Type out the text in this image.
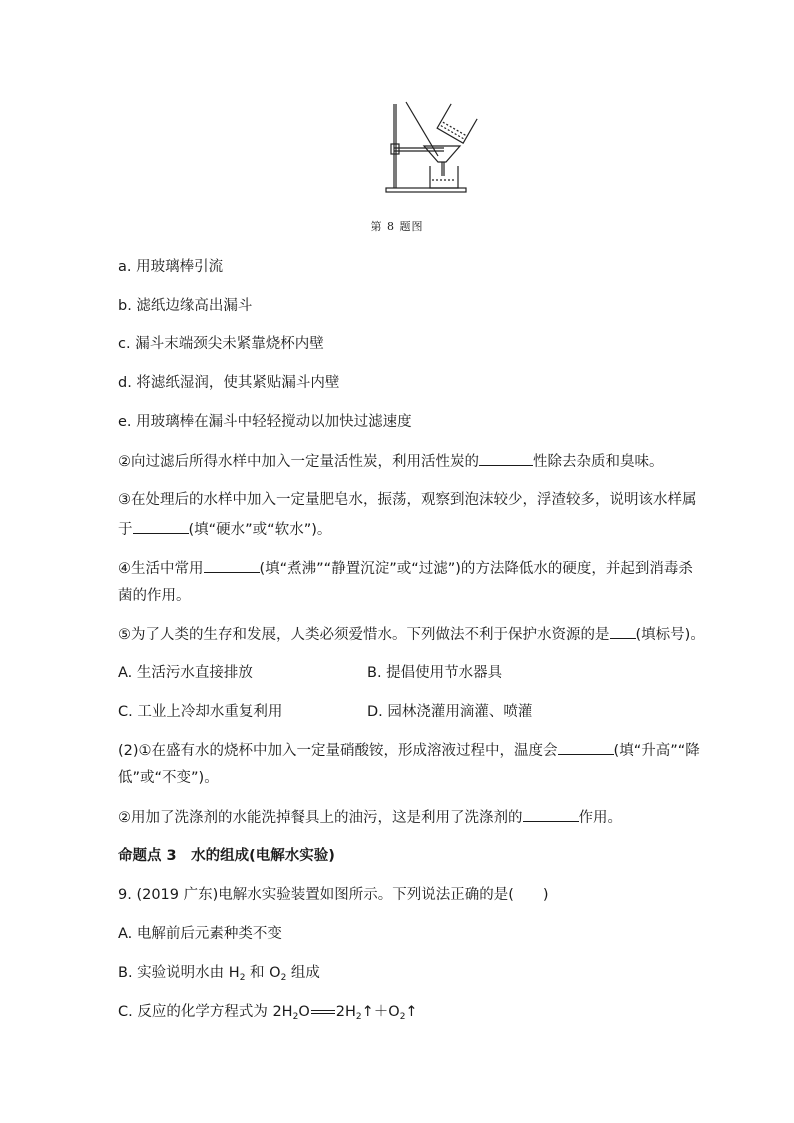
第 8 题图
a. 用玻璃棒引流
b. 滤纸边缘高出漏斗
c. 漏斗末端颈尖未紧靠烧杯内壁
d. 将滤纸湿润，使其紧贴漏斗内壁
e. 用玻璃棒在漏斗中轻轻搅动以加快过滤速度
②向过滤后所得水样中加入一定量活性炭，利用活性炭的	性除去杂质和臭味。
③在处理后的水样中加入一定量肥皂水，振荡，观察到泡沫较少，浮渣较多，说明该水样属
于	(填“硬水”或“软水”)。
④生活中常用	(填“煮沸”“静置沉淀”或“过滤”)的方法降低水的硬度，并起到消毒杀
菌的作用。
⑤为了人类的生存和发展，人类必须爱惜水。下列做法不利于保护水资源的是 (填标号)。
A. 生活污水直接排放	B. 提倡使用节水器具
C. 工业上冷却水重复利用	D. 园林浇灌用滴灌、喷灌
(2)①在盛有水的烧杯中加入一定量硝酸铵，形成溶液过程中，温度会	(填“升高”“降
低”或“不变”)。
②用加了洗涤剂的水能洗掉餐具上的油污，这是利用了洗涤剂的	作用。
命题点 3　水的组成(电解水实验)
9. (2019 广东)电解水实验装置如图所示。下列说法正确的是(　　)
A. 电解前后元素种类不变
B. 实验说明水由 $H_2$ 和 $O_2$ 组成
C. 反应的化学方程式为 $2H_2O$ $2H_2↑+O_2↑$
